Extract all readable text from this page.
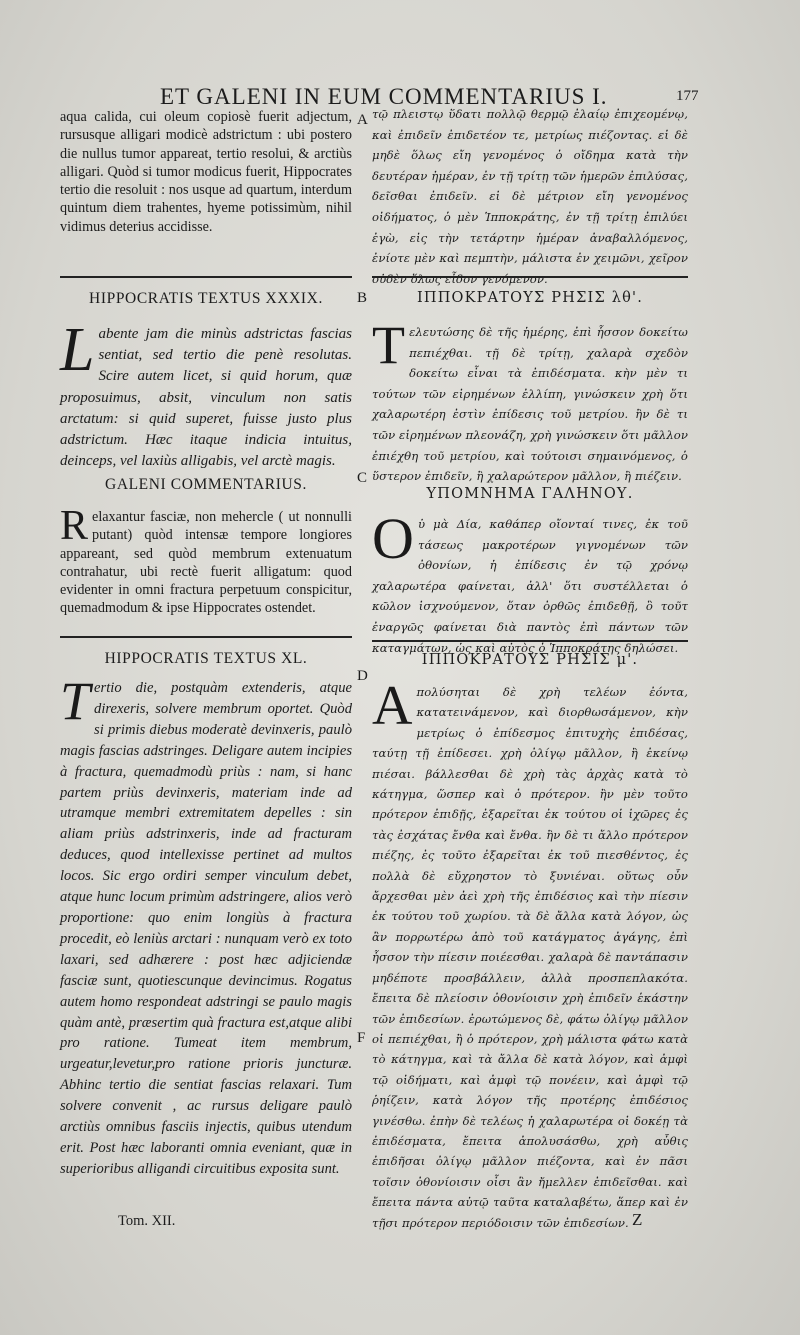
ET GALENI IN EUM COMMENTARIUS I.	177

aqua calida, cui oleum copiosè fuerit adjectum, rursusque alligari modicè adstrictum : ubi postero die nullus tumor appareat, tertio resolui, & arctiùs alligari. Quòd si tumor modicus fuerit, Hippocrates tertio die resoluit : nos usque ad quartum, interdum quintum diem trahentes, hyeme potissimùm, nihil vidimus deterius accidisse.

HIPPOCRATIS TEXTUS XXXIX.

Labente jam die minùs adstrictas fascias sentiat, sed tertio die penè resolutas. Scire autem licet, si quid horum, quæ proposuimus, absit, vinculum non satis arctatum: si quid superet, fuisse justo plus adstrictum. Hæc itaque indicia intuitus, deinceps, vel laxiùs alligabis, vel arctè magis.

GALENI COMMENTARIUS.

Relaxantur fasciæ, non mehercle ( ut nonnulli putant) quòd intensæ tempore longiores appareant, sed quòd membrum extenuatum contrahatur, ubi rectè fuerit alligatum: quod evidenter in omni fractura perpetuum conspicitur, quemadmodum & ipse Hippocrates ostendet.

HIPPOCRATIS TEXTUS XL.

Tertio die, postquàm extenderis, atque direxeris, solvere membrum oportet. Quòd si primis diebus moderatè devinxeris, paulò magis fascias adstringes. Deligare autem incipies à fractura, quemadmodù priùs : nam, si hanc partem priùs devinxeris, materiam inde ad utramque membri extremitatem depelles : sin aliam priùs adstrinxeris, inde ad fracturam deduces, quod intellexisse pertinet ad multos locos. Sic ergo ordiri semper vinculum debet, atque hunc locum primùm adstringere, alios verò proportione: quo enim longiùs à fractura procedit, eò leniùs arctari : nunquam verò ex toto laxari, sed adhærere : post hæc adjiciendæ fasciæ sunt, quotiescunque devincimus. Rogatus autem homo respondeat adstringi se paulo magis quàm antè, præsertim quà fractura est,atque alibi pro ratione. Tumeat item membrum, urgeatur,levetur,pro ratione prioris juncturæ. Abhinc tertio die sentiat fascias relaxari. Tum solvere convenit , ac rursus deligare paulò arctiùs omnibus fasciis injectis, quibus utendum erit. Post hæc laboranti omnia eveniant, quæ in superioribus alligandi circuitibus exposita sunt.

A
B
C
D
F

τῷ πλειστῳ ὕδατι πολλῷ θερμῷ ἐλαίῳ ἐπιχεομένῳ, καὶ ἐπιδεῖν ἐπιδετέον τε, μετρίως πιέζοντας. εἰ δὲ μηδὲ ὅλως εἴη γενομένος ὁ οἴδημα κατὰ τὴν δευτέραν ἡμέραν, ἐν τῇ τρίτῃ τῶν ἡμερῶν ἐπιλύσας, δεῖσθαι ἐπιδεῖν. εἰ δὲ μέτριον εἴη γενομένος οἰδήματος, ὁ μὲν Ἱπποκράτης, ἐν τῇ τρίτῃ ἐπιλύει ἐγὼ, εἰς τὴν τετάρτην ἡμέραν ἀναβαλλόμενος, ἐνίοτε μὲν καὶ πεμπτὴν, μάλιστα ἐν χειμῶνι, χεῖρον οὐδὲν ὅλως εἶδον γενόμενον.

ΙΠΠΟΚΡΑΤΟΥΣ ΡΗΣΙΣ λθ'.

Τελευτώσης δὲ τῆς ἡμέρης, ἐπὶ ἧσσον δοκείτω πεπιέχθαι. τῇ δὲ τρίτῃ, χαλαρὰ σχεδὸν δοκείτω εἶναι τὰ ἐπιδέσματα. κὴν μὲν τι τούτων τῶν εἰρημένων ἐλλίπη, γινώσκειν χρὴ ὅτι χαλαρωτέρη ἐστὶν ἐπίδεσις τοῦ μετρίου. ἢν δὲ τι τῶν εἰρημένων πλεονάζη, χρὴ γινώσκειν ὅτι μᾶλλον ἐπιέχθη τοῦ μετρίου, καὶ τούτοισι σημαινόμενος, ὁ ὕστερον ἐπιδεῖν, ἢ χαλαρώτερον μᾶλλον, ἢ πιέζειν.

ΥΠΟΜΝΗΜΑ ΓΑΛΗΝΟΥ.

Οὐ μὰ Δία, καθάπερ οἴονταί τινες, ἐκ τοῦ τάσεως μακροτέρων γιγνομένων τῶν ὀθονίων, ἡ ἐπίδεσις ἐν τῷ χρόνῳ χαλαρωτέρα φαίνεται, ἀλλ' ὅτι συστέλλεται ὁ κῶλον ἰσχνούμενον, ὅταν ὀρθῶς ἐπιδεθῇ, ὃ τοῦτ ἐναργῶς φαίνεται διὰ παντὸς ἐπὶ πάντων τῶν καταγμάτων, ὡς καὶ αὐτὸς ὁ Ἱπποκράτης δηλώσει.

ΙΠΠΟΚΡΑΤΟΥΣ ΡΗΣΙΣ μ'.

Απολύσηται δὲ χρὴ τελέων ἐόντα, κατατεινάμενον, καὶ διορθωσάμενον, κὴν μετρίως ὁ ἐπίδεσμος ἐπιτυχὴς ἐπιδέσας, ταύτῃ τῇ ἐπίδεσει. χρὴ ὀλίγῳ μᾶλλον, ἢ ἐκείνῳ πιέσαι. βάλλεσθαι δὲ χρὴ τὰς ἀρχὰς κατὰ τὸ κάτηγμα, ὥσπερ καὶ ὁ πρότερον. ἢν μὲν τοῦτο πρότερον ἐπιδῇς, ἐξαρεῖται ἐκ τούτου οἱ ἰχῶρες ἐς τὰς ἐσχάτας ἔνθα καὶ ἔνθα. ἢν δὲ τι ἄλλο πρότερον πιέζης, ἐς τοῦτο ἐξαρεῖται ἐκ τοῦ πιεσθέντος, ἐς πολλὰ δὲ εὔχρηστον τὸ ξυνιέναι. οὕτως οὖν ἄρχεσθαι μὲν ἀεὶ χρὴ τῆς ἐπιδέσιος καὶ τὴν πίεσιν ἐκ τούτου τοῦ χωρίου. τὰ δὲ ἄλλα κατὰ λόγον, ὡς ἂν πορρωτέρω ἀπὸ τοῦ κατάγματος ἀγάγης, ἐπὶ ἧσσον τὴν πίεσιν ποιέεσθαι. χαλαρὰ δὲ παντάπασιν μηδέποτε προσβάλλειν, ἀλλὰ προσπεπλακότα. ἔπειτα δὲ πλείοσιν ὀθονίοισιν χρὴ ἐπιδεῖν ἑκάστην τῶν ἐπιδεσίων. ἐρωτώμενος δὲ, φάτω ὀλίγῳ μᾶλλον οἱ πεπιέχθαι, ἢ ὁ πρότερον, χρὴ μάλιστα φάτω κατὰ τὸ κάτηγμα, καὶ τὰ ἄλλα δὲ κατὰ λόγον, καὶ ἀμφὶ τῷ οἰδήματι, καὶ ἀμφὶ τῷ πονέειν, καὶ ἀμφὶ τῷ ῥηίζειν, κατὰ λόγον τῆς προτέρης ἐπιδέσιος γινέσθω. ἐπὴν δὲ τελέως ἡ χαλαρωτέρα οἱ δοκέῃ τὰ ἐπιδέσματα, ἔπειτα ἀπολυσάσθω, χρὴ αὖθις ἐπιδῆσαι ὀλίγῳ μᾶλλον πιέζοντα, καὶ ἐν πᾶσι τοῖσιν ὀθονίοισιν οἷσι ἂν ἤμελλεν ἐπιδεῖσθαι. καὶ ἔπειτα πάντα αὐτῷ ταῦτα καταλαβέτω, ἅπερ καὶ ἐν τῇσι πρότερον περιόδοισιν τῶν ἐπιδεσίων.

Tom. XII.	Z
